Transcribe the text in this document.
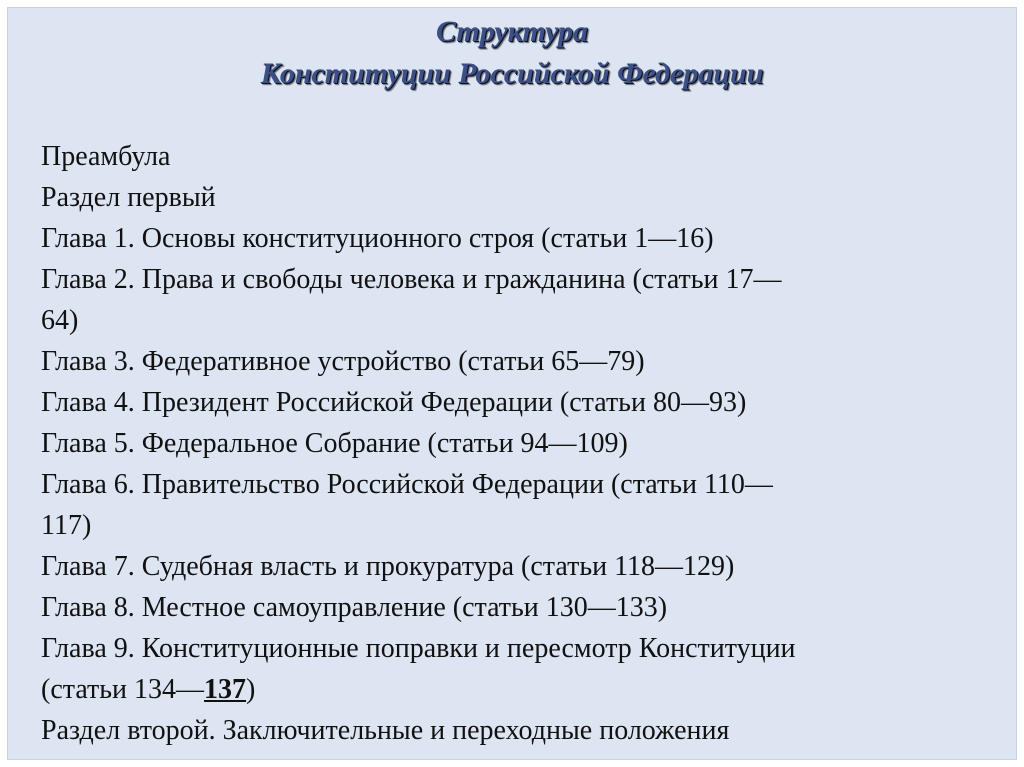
Структура
Конституции Российской Федерации
Преамбула
Раздел первый
Глава 1. Основы конституционного строя (статьи 1—16)
Глава 2. Права и свободы человека и гражданина (статьи 17—
64)
Глава 3. Федеративное устройство (статьи 65—79)
Глава 4. Президент Российской Федерации (статьи 80—93)
Глава 5. Федеральное Собрание (статьи 94—109)
Глава 6. Правительство Российской Федерации (статьи 110—
117)
Глава 7. Судебная власть и прокуратура (статьи 118—129)
Глава 8. Местное самоуправление (статьи 130—133)
Глава 9. Конституционные поправки и пересмотр Конституции
(статьи 134—137)
Раздел второй. Заключительные и переходные положения
